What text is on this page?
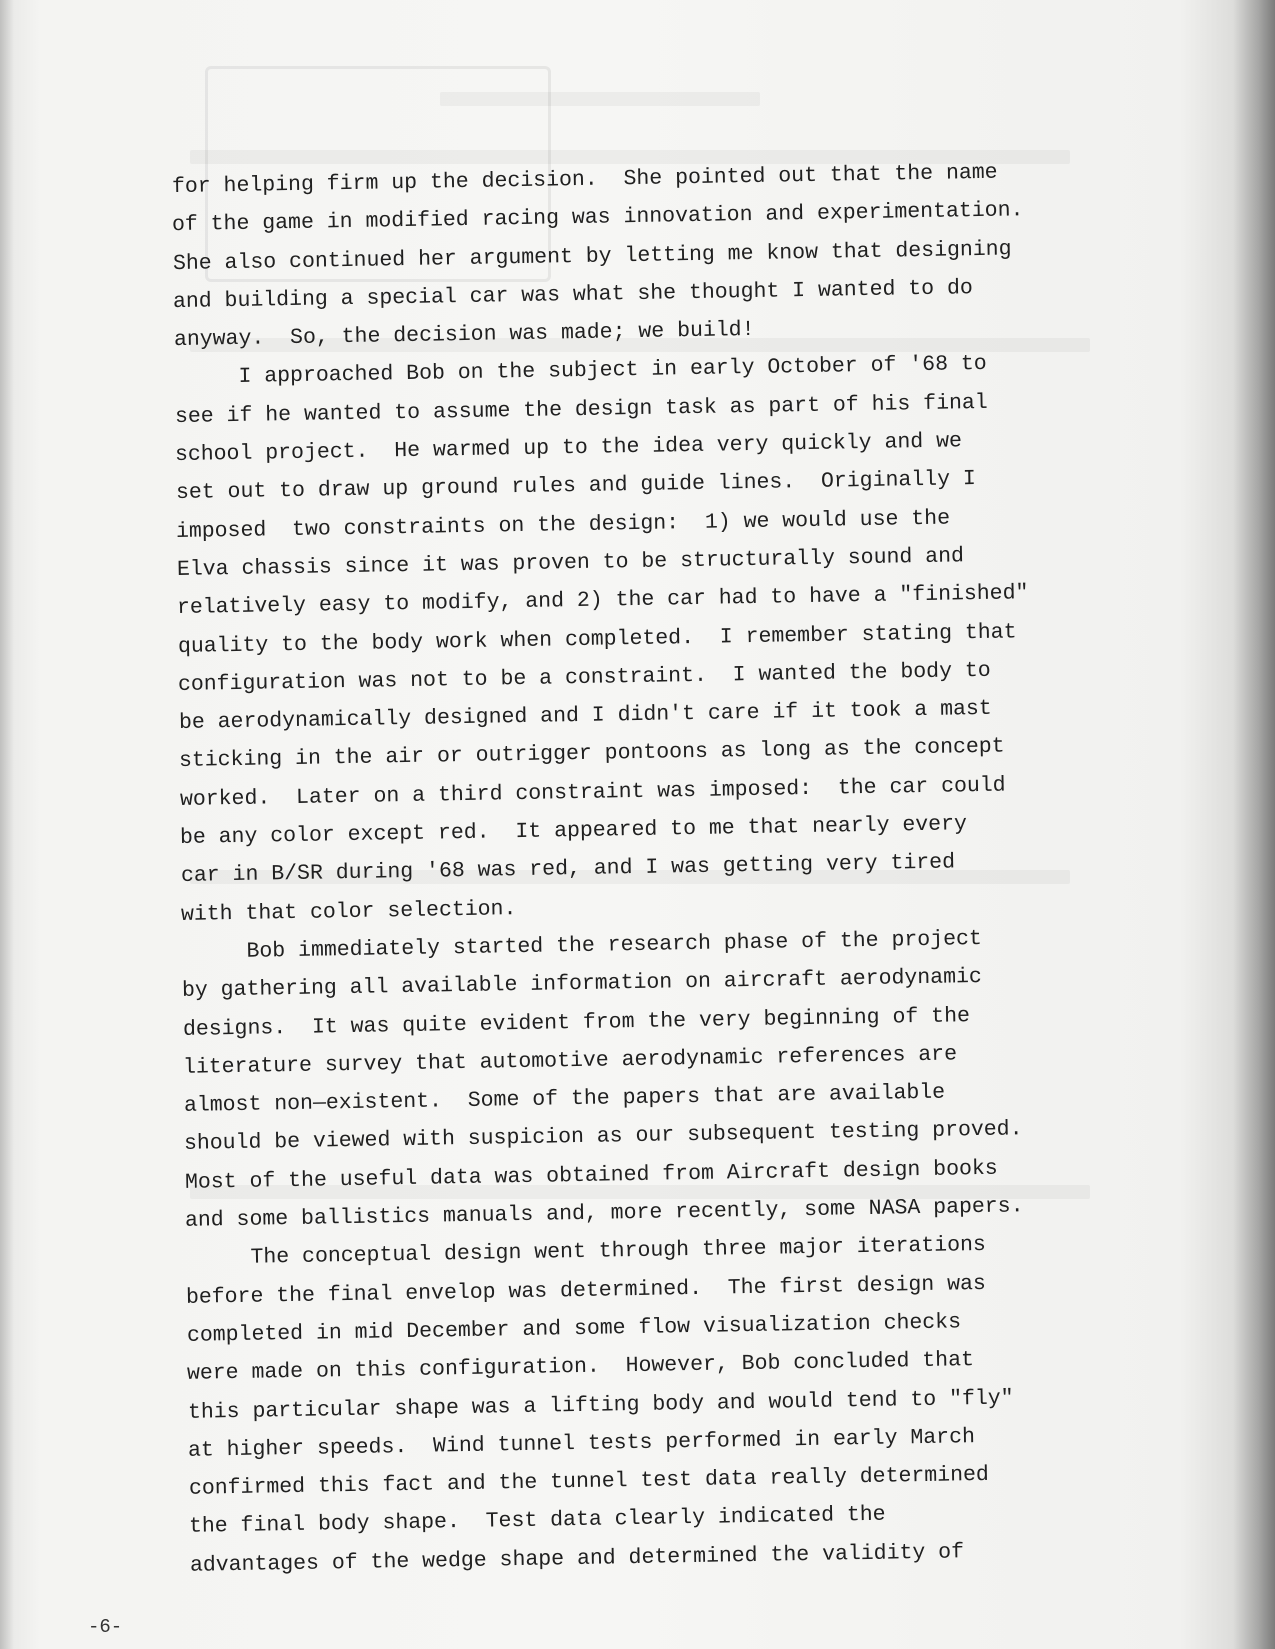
for helping firm up the decision.  She pointed out that the name
of the game in modified racing was innovation and experimentation.
She also continued her argument by letting me know that designing
and building a special car was what she thought I wanted to do
anyway.  So, the decision was made; we build!
I approached Bob on the subject in early October of '68 to
see if he wanted to assume the design task as part of his final
school project.  He warmed up to the idea very quickly and we
set out to draw up ground rules and guide lines.  Originally I
imposed  two constraints on the design:  1) we would use the
Elva chassis since it was proven to be structurally sound and
relatively easy to modify, and 2) the car had to have a "finished"
quality to the body work when completed.  I remember stating that
configuration was not to be a constraint.  I wanted the body to
be aerodynamically designed and I didn't care if it took a mast
sticking in the air or outrigger pontoons as long as the concept
worked.  Later on a third constraint was imposed:  the car could
be any color except red.  It appeared to me that nearly every
car in B/SR during '68 was red, and I was getting very tired
with that color selection.
Bob immediately started the research phase of the project
by gathering all available information on aircraft aerodynamic
designs.  It was quite evident from the very beginning of the
literature survey that automotive aerodynamic references are
almost non—existent.  Some of the papers that are available
should be viewed with suspicion as our subsequent testing proved.
Most of the useful data was obtained from Aircraft design books
and some ballistics manuals and, more recently, some NASA papers.
The conceptual design went through three major iterations
before the final envelop was determined.  The first design was
completed in mid December and some flow visualization checks
were made on this configuration.  However, Bob concluded that
this particular shape was a lifting body and would tend to "fly"
at higher speeds.  Wind tunnel tests performed in early March
confirmed this fact and the tunnel test data really determined
the final body shape.  Test data clearly indicated the
advantages of the wedge shape and determined the validity of
-6-
